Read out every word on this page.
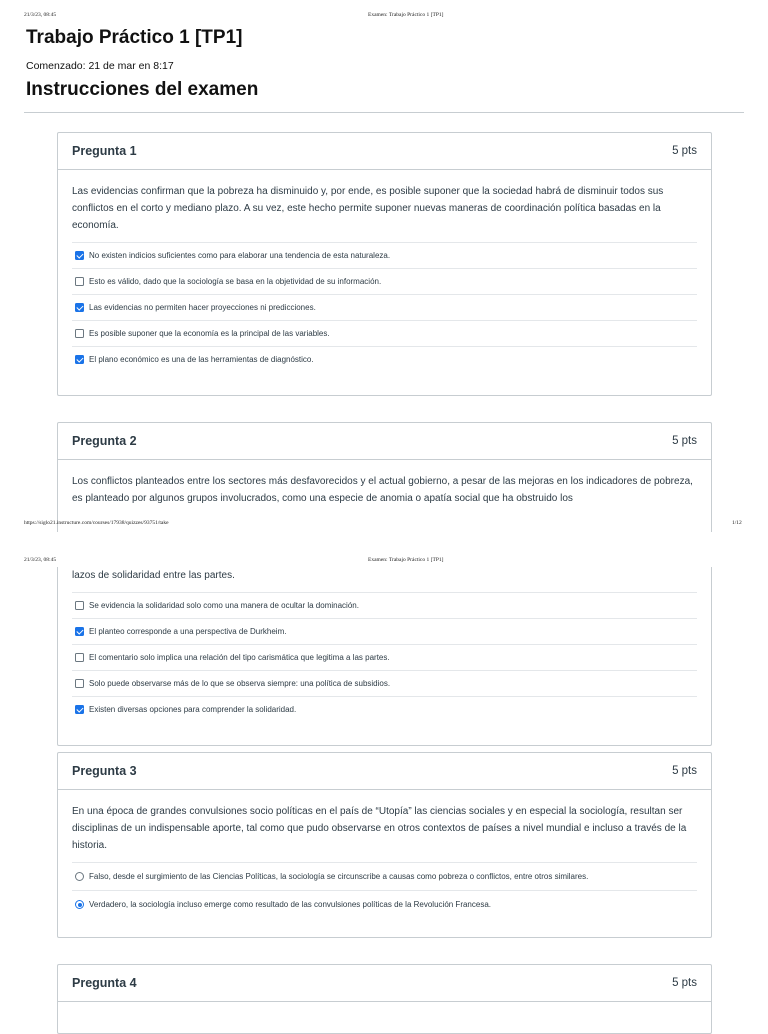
21/3/23, 08:45	Examen: Trabajo Práctico 1 [TP1]
Trabajo Práctico 1 [TP1]
Comenzado: 21 de mar en 8:17
Instrucciones del examen
Pregunta 1	5 pts
Las evidencias confirman que la pobreza ha disminuido y, por ende, es posible suponer que la sociedad habrá de disminuir todos sus conflictos en el corto y mediano plazo. A su vez, este hecho permite suponer nuevas maneras de coordinación política basadas en la economía.
No existen indicios suficientes como para elaborar una tendencia de esta naturaleza.
Esto es válido, dado que la sociología se basa en la objetividad de su información.
Las evidencias no permiten hacer proyecciones ni predicciones.
Es posible suponer que la economía es la principal de las variables.
El plano económico es una de las herramientas de diagnóstico.
Pregunta 2	5 pts
Los conflictos planteados entre los sectores más desfavorecidos y el actual gobierno, a pesar de las mejoras en los indicadores de pobreza, es planteado por algunos grupos involucrados, como una especie de anomia o apatía social que ha obstruido los
https://siglo21.instructure.com/courses/17938/quizzes/93751/take	1/12
21/3/23, 08:45	Examen: Trabajo Práctico 1 [TP1]
lazos de solidaridad entre las partes.
Se evidencia la solidaridad solo como una manera de ocultar la dominación.
El planteo corresponde a una perspectiva de Durkheim.
El comentario solo implica una relación del tipo carismática que legitima a las partes.
Solo puede observarse más de lo que se observa siempre: una política de subsidios.
Existen diversas opciones para comprender la solidaridad.
Pregunta 3	5 pts
En una época de grandes convulsiones socio políticas en el país de “Utopía” las ciencias sociales y en especial la sociología, resultan ser disciplinas de un indispensable aporte, tal como que pudo observarse en otros contextos de países a nivel mundial e incluso a través de la historia.
Falso, desde el surgimiento de las Ciencias Políticas, la sociología se circunscribe a causas como pobreza o conflictos, entre otros similares.
Verdadero, la sociología incluso emerge como resultado de las convulsiones políticas de la Revolución Francesa.
Pregunta 4	5 pts
